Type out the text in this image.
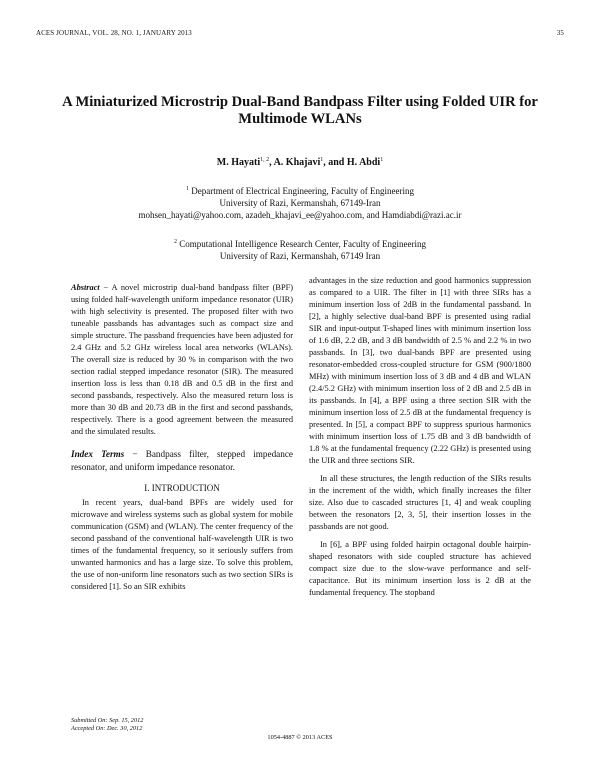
ACES JOURNAL, VOL. 28, NO. 1, JANUARY 2013	35
A Miniaturized Microstrip Dual-Band Bandpass Filter using Folded UIR for Multimode WLANs
M. Hayati$^{1, 2}$, A. Khajavi$^1$, and H. Abdi$^1$
$^1$ Department of Electrical Engineering, Faculty of Engineering
University of Razi, Kermanshah, 67149-Iran
mohsen_hayati@yahoo.com, azadeh_khajavi_ee@yahoo.com, and Hamdiabdi@razi.ac.ir
$^2$ Computational Intelligence Research Center, Faculty of Engineering
University of Razi, Kermanshah, 67149 Iran

Abstract − A novel microstrip dual-band bandpass filter (BPF) using folded half-wavelength uniform impedance resonator (UIR) with high selectivity is presented. The proposed filter with two tuneable passbands has advantages such as compact size and simple structure. The passband frequencies have been adjusted for 2.4 GHz and 5.2 GHz wireless local area networks (WLANs). The overall size is reduced by 30 % in comparison with the two section radial stepped impedance resonator (SIR). The measured insertion loss is less than 0.18 dB and 0.5 dB in the first and second passbands, respectively. Also the measured return loss is more than 30 dB and 20.73 dB in the first and second passbands, respectively. There is a good agreement between the measured and the simulated results.

Index Terms − Bandpass filter, stepped impedance resonator, and uniform impedance resonator.

I. INTRODUCTION

In recent years, dual-band BPFs are widely used for microwave and wireless systems such as global system for mobile communication (GSM) and (WLAN). The center frequency of the second passband of the conventional half-wavelength UIR is two times of the fundamental frequency, so it seriously suffers from unwanted harmonics and has a large size. To solve this problem, the use of non-uniform line resonators such as two section SIRs is considered [1]. So an SIR exhibits

advantages in the size reduction and good harmonics suppression as compared to a UIR. The filter in [1] with three SIRs has a minimum insertion loss of 2dB in the fundamental passband. In [2], a highly selective dual-band BPF is presented using radial SIR and input-output T-shaped lines with minimum insertion loss of 1.6 dB, 2.2 dB, and 3 dB bandwidth of 2.5 % and 2.2 % in two passbands. In [3], two dual-bands BPF are presented using resonator-embedded cross-coupled structure for GSM (900/1800 MHz) with minimum insertion loss of 3 dB and 4 dB and WLAN (2.4/5.2 GHz) with minimum insertion loss of 2 dB and 2.5 dB in its passbands. In [4], a BPF using a three section SIR with the minimum insertion loss of 2.5 dB at the fundamental frequency is presented. In [5], a compact BPF to suppress spurious harmonics with minimum insertion loss of 1.75 dB and 3 dB bandwidth of 1.8 % at the fundamental frequency (2.22 GHz) is presented using the UIR and three sections SIR.

In all these structures, the length reduction of the SIRs results in the increment of the width, which finally increases the filter size. Also due to cascaded structures [1, 4] and weak coupling between the resonators [2, 3, 5], their insertion losses in the passbands are not good.

In [6], a BPF using folded hairpin octagonal double hairpin-shaped resonators with side coupled structure has achieved compact size due to the slow-wave performance and self-capacitance. But its minimum insertion loss is 2 dB at the fundamental frequency. The stopband

Submitted On: Sep. 15, 2012
Accepted On: Dec. 30, 2012
1054-4887 © 2013 ACES
